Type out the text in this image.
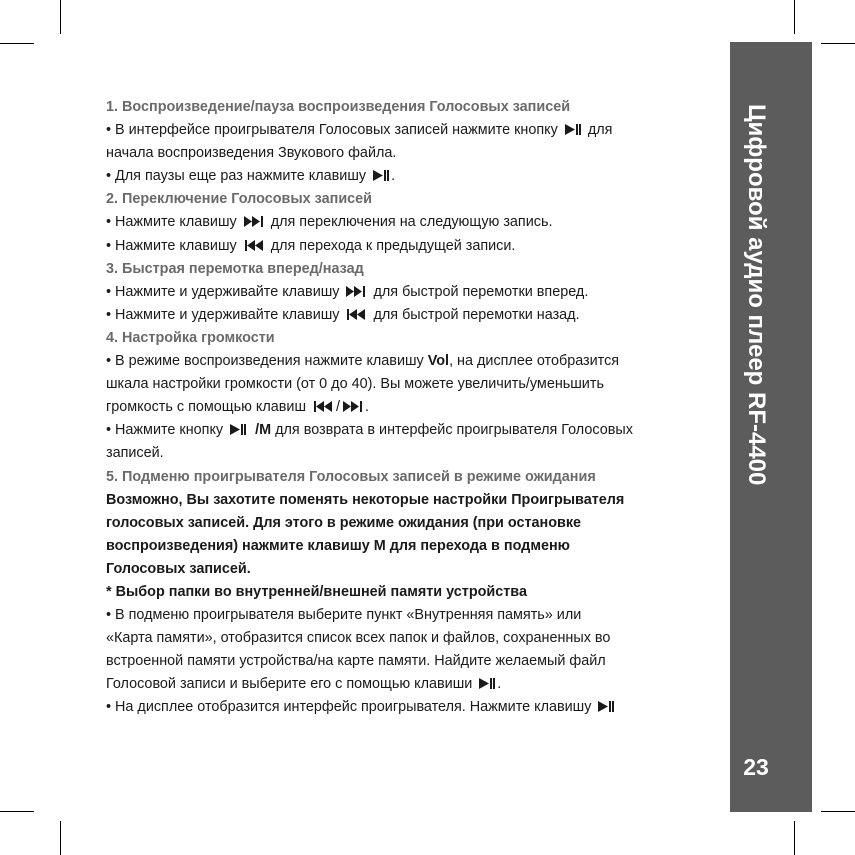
Цифровой аудио плеер RF-4400
23
1. Воспроизведение/пауза воспроизведения Голосовых записей
• В интерфейсе проигрывателя Голосовых записей нажмите кнопку для
начала воспроизведения Звукового файла.
• Для паузы еще раз нажмите клавишу .
2. Переключение Голосовых записей
• Нажмите клавишу для переключения на следующую запись.
• Нажмите клавишу для перехода к предыдущей записи.
3. Быстрая перемотка вперед/назад
• Нажмите и удерживайте клавишу для быстрой перемотки вперед.
• Нажмите и удерживайте клавишу для быстрой перемотки назад.
4. Настройка громкости
• В режиме воспроизведения нажмите клавишу Vol, на дисплее отобразится
шкала настройки громкости (от 0 до 40). Вы можете увеличить/уменьшить
громкость с помощью клавиш / .
• Нажмите кнопку /M для возврата в интерфейс проигрывателя Голосовых
записей.
5. Подменю проигрывателя Голосовых записей в режиме ожидания
Возможно, Вы захотите поменять некоторые настройки Проигрывателя
голосовых записей. Для этого в режиме ожидания (при остановке
воспроизведения) нажмите клавишу M для перехода в подменю
Голосовых записей.
* Выбор папки во внутренней/внешней памяти устройства
• В подменю проигрывателя выберите пункт «Внутренняя память» или
«Карта памяти», отобразится список всех папок и файлов, сохраненных во
встроенной памяти устройства/на карте памяти. Найдите желаемый файл
Голосовой записи и выберите его с помощью клавиши .
• На дисплее отобразится интерфейс проигрывателя. Нажмите клавишу
